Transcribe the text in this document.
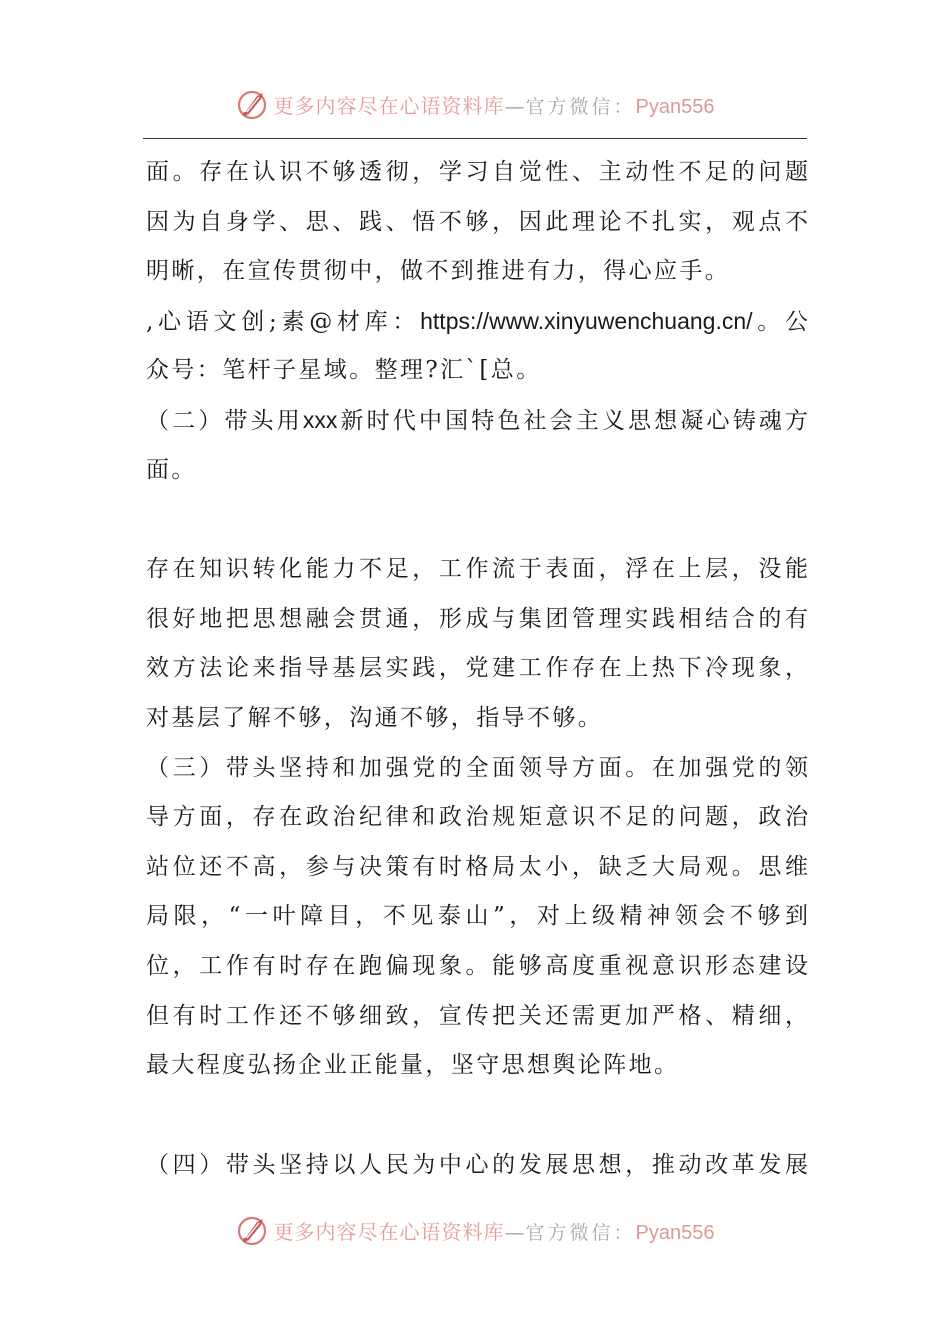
更多内容尽在心语资料库—官方微信：Pyan556
面。存在认识不够透彻，学习自觉性、主动性不足的问题
因为自身学、思、践、悟不够，因此理论不扎实，观点不
明晰，在宣传贯彻中，做不到推进有力，得心应手。
,心语文创;素@材库：https://www.xinyuwenchuang.cn/。公
众号：笔杆子星域。整理?汇`[总。
（二）带头用xxx新时代中国特色社会主义思想凝心铸魂方
面。
存在知识转化能力不足，工作流于表面，浮在上层，没能
很好地把思想融会贯通，形成与集团管理实践相结合的有
效方法论来指导基层实践，党建工作存在上热下冷现象，
对基层了解不够，沟通不够，指导不够。
（三）带头坚持和加强党的全面领导方面。在加强党的领
导方面，存在政治纪律和政治规矩意识不足的问题，政治
站位还不高，参与决策有时格局太小，缺乏大局观。思维
局限，“一叶障目，不见泰山”，对上级精神领会不够到
位，工作有时存在跑偏现象。能够高度重视意识形态建设
但有时工作还不够细致，宣传把关还需更加严格、精细，
最大程度弘扬企业正能量，坚守思想舆论阵地。
（四）带头坚持以人民为中心的发展思想，推动改革发展
更多内容尽在心语资料库—官方微信：Pyan556
